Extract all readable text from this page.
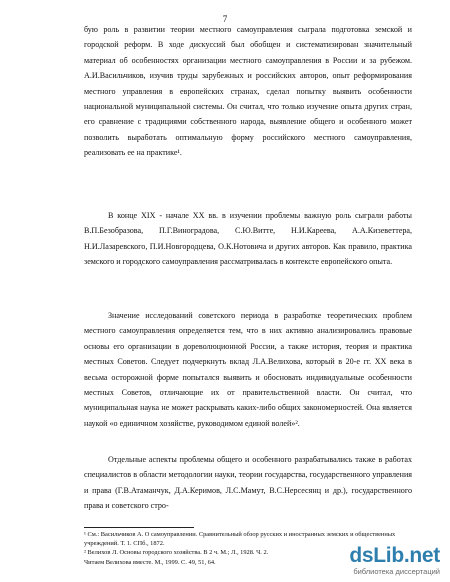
7

бую роль в развитии теории местного самоуправления сыграла подготовка земской и городской реформ. В ходе дискуссий был обобщен и систематизирован значительный материал об особенностях организации местного самоуправления в России и за рубежом. А.И.Васильчиков, изучив труды зарубежных и российских авторов, опыт реформирования местного управления в европейских странах, сделал попытку выявить особенности национальной муниципальной системы. Он считал, что только изучение опыта других стран, его сравнение с традициями собственного народа, выявление общего и особенного может позволить выработать оптимальную форму российского местного самоуправления, реализовать ее на практике¹.

В конце XIX - начале XX вв. в изучении проблемы важную роль сыграли работы В.П.Безобразова, П.Г.Виноградова, С.Ю.Витте, Н.И.Кареева, А.А.Кизеветтера, Н.И.Лазаревского, П.И.Новгородцева, О.К.Нотовича и других авторов. Как правило, практика земского и городского самоуправления рассматривалась в контексте европейского опыта.

Значение исследований советского периода в разработке теоретических проблем местного самоуправления определяется тем, что в них активно анализировались правовые основы его организации в дореволюционной России, а также история, теория и практика местных Советов. Следует подчеркнуть вклад Л.А.Велихова, который в 20-е гг. XX века в весьма осторожной форме попытался выявить и обосновать индивидуальные особенности местных Советов, отличающие их от правительственной власти. Он считал, что муниципальная наука не может раскрывать каких-либо общих закономерностей. Она является наукой «о единичном хозяйстве, руководимом единой волей»².

Отдельные аспекты проблемы общего и особенного разрабатывались также в работах специалистов в области методологии науки, теории государства, государственного управления и права (Г.В.Атаманчук, Д.А.Керимов, Л.С.Мамут, В.С.Нерсесянц и др.), государственного права и советского стро-

¹ См.: Васильчиков А. О самоуправлении. Сравнительный обзор русских и иностранных земских и общественных учреждений. Т. 1. СПб., 1872.

² Велихов Л. Основы городского хозяйства. В 2 ч. М.; Л., 1928. Ч. 2.

Читаем Велихова вместе. М., 1999. С. 49, 51, 64.	dsLib.net
библиотека диссертаций
